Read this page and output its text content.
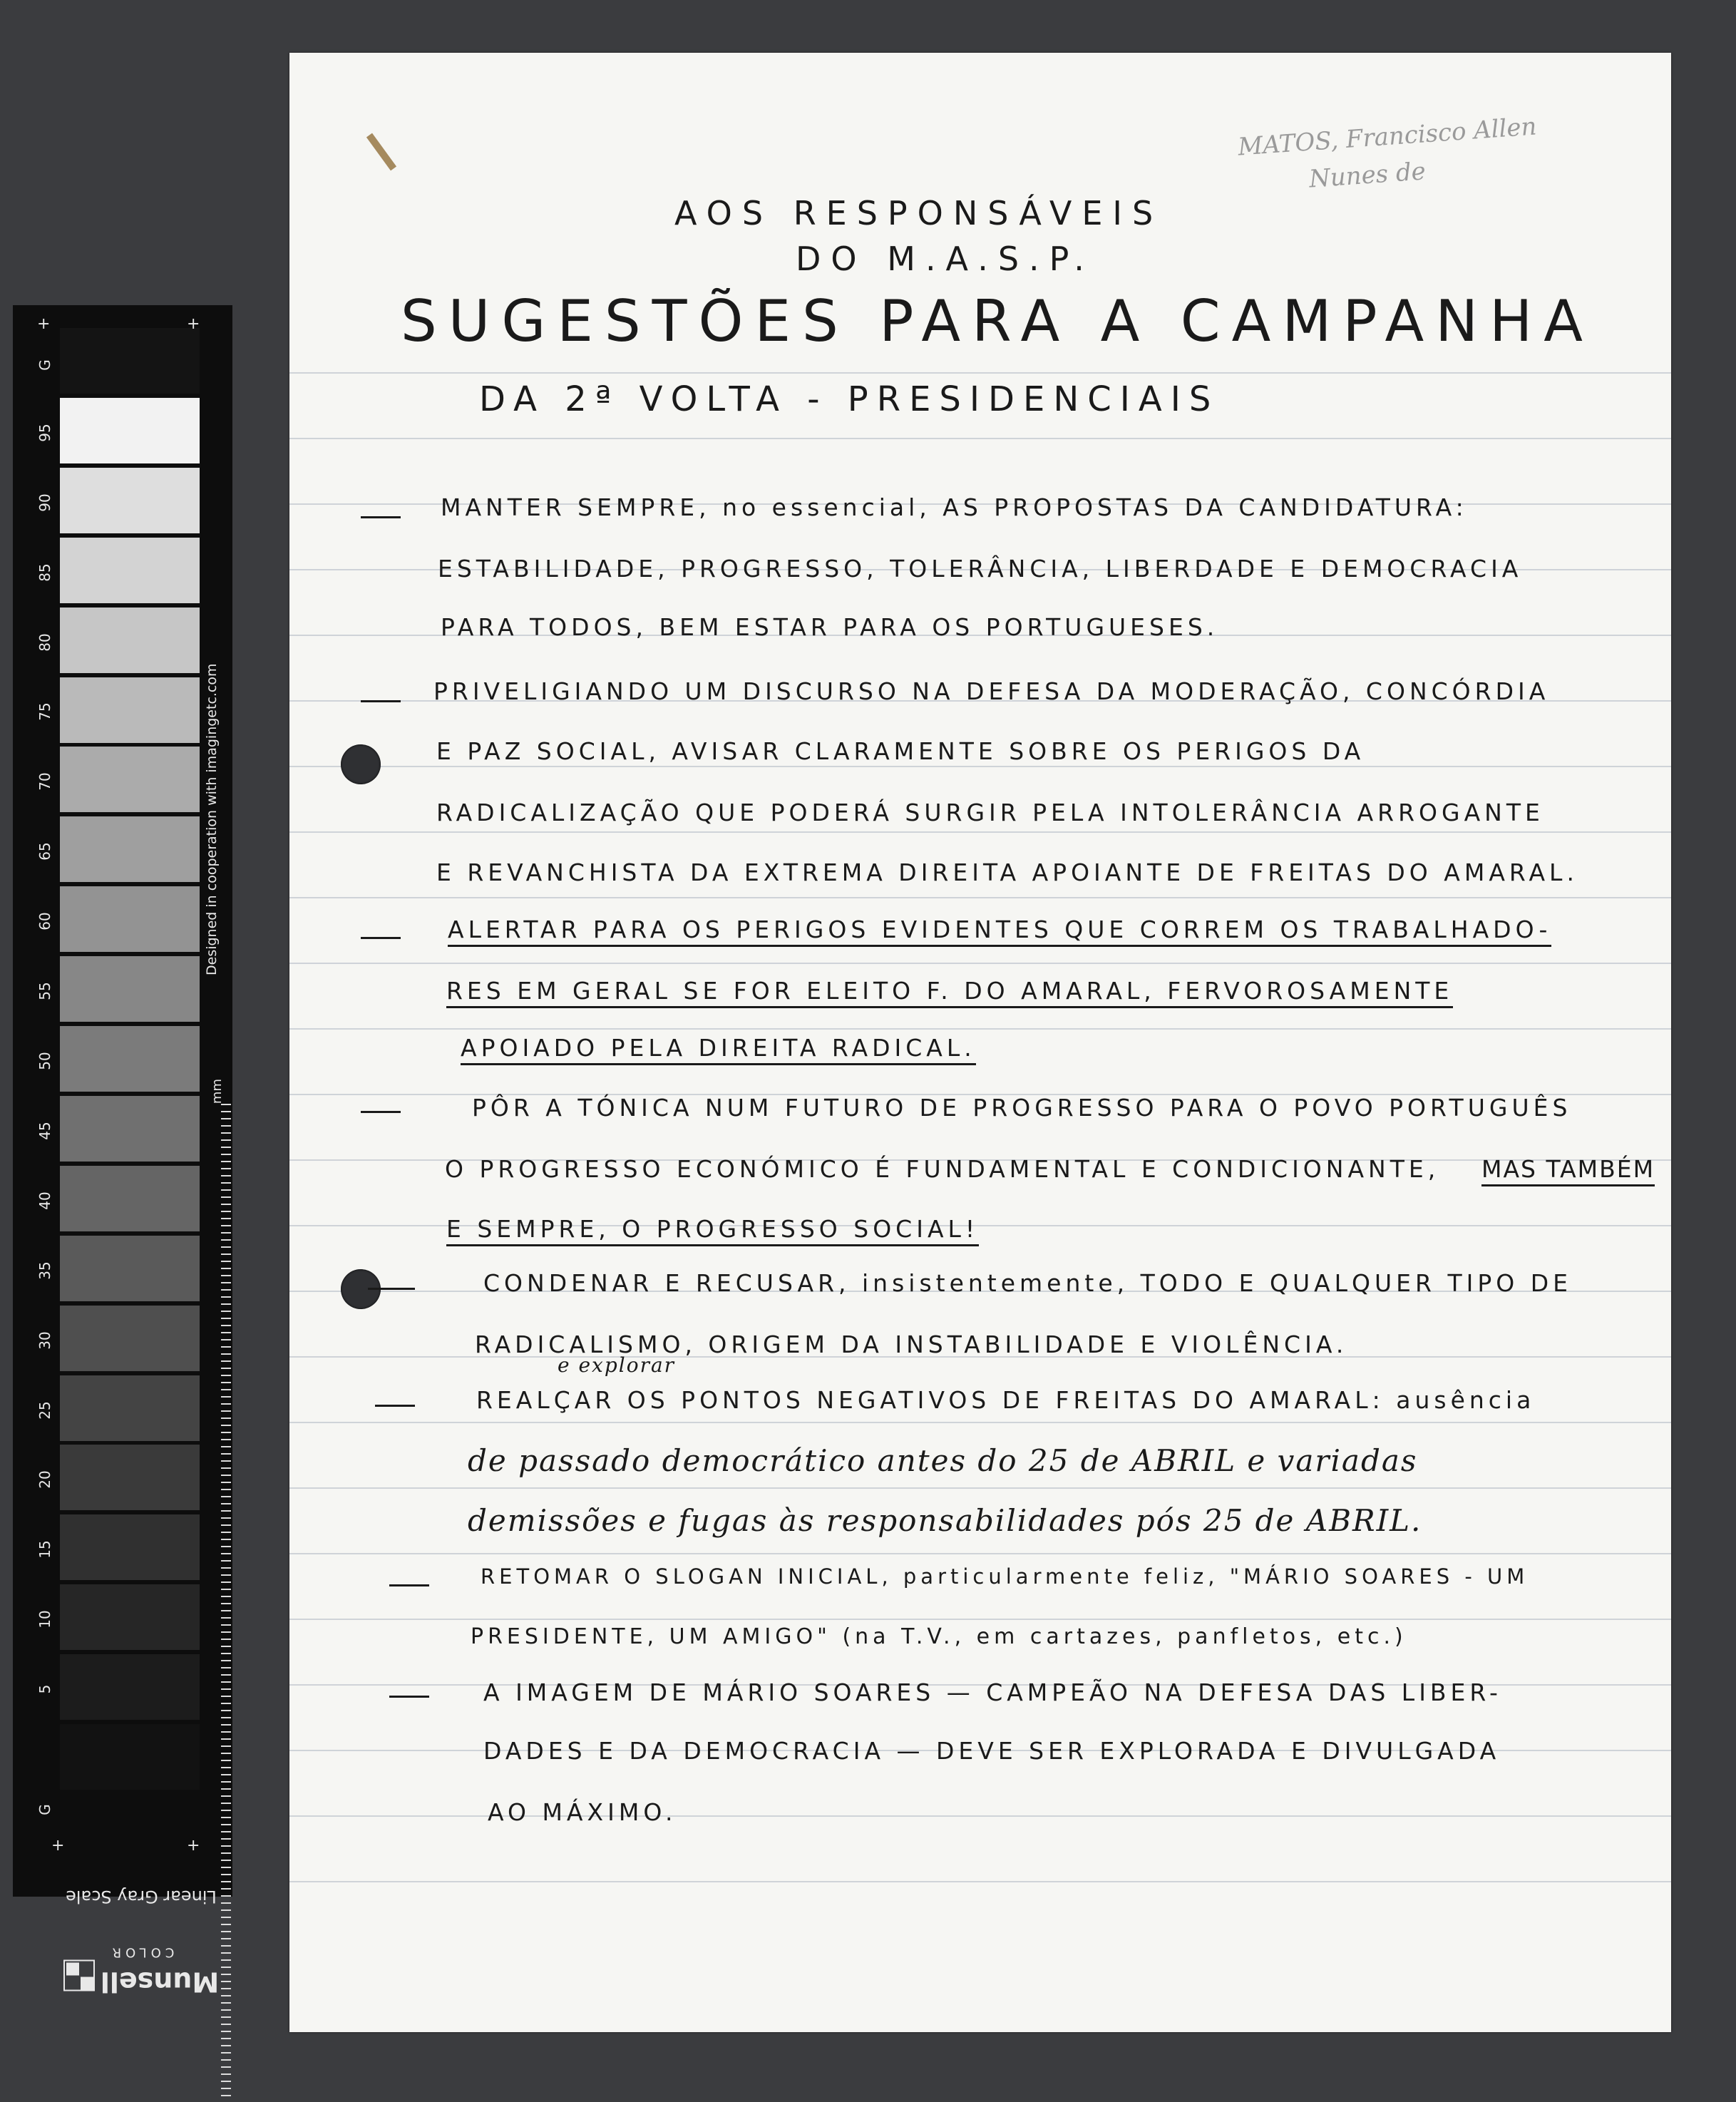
G
95
90
85
80
75
70
65
60
55
50
45
40
35
30
25
20
15
10
5
G
+	+
+	+
Designed in cooperation with imagingetc.com
mm
Linear Gray Scale
Munsell
COLOR
MATOS, Francisco Allen
Nunes de
AOS RESPONSÁVEIS
DO M.A.S.P.
SUGESTÕES PARA A CAMPANHA
DA 2ª VOLTA - PRESIDENCIAIS
MANTER SEMPRE, no essencial, AS PROPOSTAS DA CANDIDATURA:
ESTABILIDADE, PROGRESSO, TOLERÂNCIA, LIBERDADE E DEMOCRACIA
PARA TODOS, BEM ESTAR PARA OS PORTUGUESES.
PRIVELIGIANDO UM DISCURSO NA DEFESA DA MODERAÇÃO, CONCÓRDIA
E PAZ SOCIAL, AVISAR CLARAMENTE SOBRE OS PERIGOS DA
RADICALIZAÇÃO QUE PODERÁ SURGIR PELA INTOLERÂNCIA ARROGANTE
E REVANCHISTA DA EXTREMA DIREITA APOIANTE DE FREITAS DO AMARAL.
ALERTAR PARA OS PERIGOS EVIDENTES QUE CORREM OS TRABALHADO-
RES EM GERAL SE FOR ELEITO F. DO AMARAL, FERVOROSAMENTE
APOIADO PELA DIREITA RADICAL.
PÔR A TÓNICA NUM FUTURO DE PROGRESSO PARA O POVO PORTUGUÊS
O PROGRESSO ECONÓMICO É FUNDAMENTAL E CONDICIONANTE, MAS TAMBÉM
E SEMPRE, O PROGRESSO SOCIAL!
CONDENAR E RECUSAR, insistentemente, TODO E QUALQUER TIPO DE
RADICALISMO, ORIGEM DA INSTABILIDADE E VIOLÊNCIA.
e explorar
REALÇAR OS PONTOS NEGATIVOS DE FREITAS DO AMARAL: ausência
de passado democrático antes do 25 de ABRIL e variadas
demissões e fugas às responsabilidades pós 25 de ABRIL.
RETOMAR O SLOGAN INICIAL, particularmente feliz, "MÁRIO SOARES - UM
PRESIDENTE, UM AMIGO" (na T.V., em cartazes, panfletos, etc.)
A IMAGEM DE MÁRIO SOARES — CAMPEÃO NA DEFESA DAS LIBER-
DADES E DA DEMOCRACIA — DEVE SER EXPLORADA E DIVULGADA
AO MÁXIMO.
